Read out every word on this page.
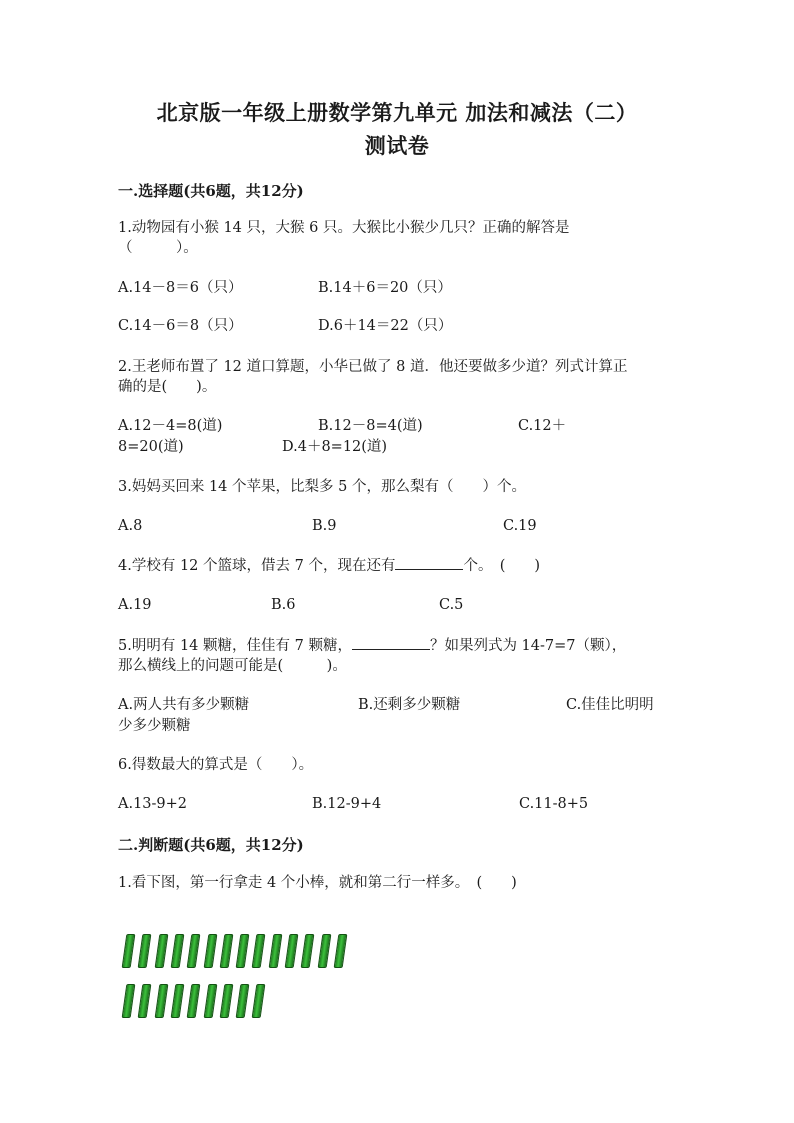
北京版一年级上册数学第九单元 加法和减法（二）
测试卷
一.选择题(共6题，共12分)
1.动物园有小猴 14 只，大猴 6 只。大猴比小猴少几只？正确的解答是
（　　　）。
A.14－8＝6（只）	B.14＋6＝20（只）
C.14－6＝8（只）	D.6＋14＝22（只）
2.王老师布置了 12 道口算题，小华已做了 8 道．他还要做多少道？列式计算正
确的是(　　)。
A.12－4=8(道)	B.12－8=4(道)	C.12＋
8=20(道)	D.4＋8=12(道)
3.妈妈买回来 14 个苹果，比梨多 5 个，那么梨有（　　）个。
A.8	B.9	C.19
4.学校有 12 个篮球，借去 7 个，现在还有	个。　(　　)
A.19	B.6	C.5
5.明明有 14 颗糖，佳佳有 7 颗糖，	？如果列式为 14-7=7（颗），
那么横线上的问题可能是(　　　)。
A.两人共有多少颗糖	B.还剩多少颗糖	C.佳佳比明明
少多少颗糖
6.得数最大的算式是（　　）。
A.13-9+2	B.12-9+4	C.11-8+5
二.判断题(共6题，共12分)
1.看下图，第一行拿走 4 个小棒，就和第二行一样多。　(　　)
